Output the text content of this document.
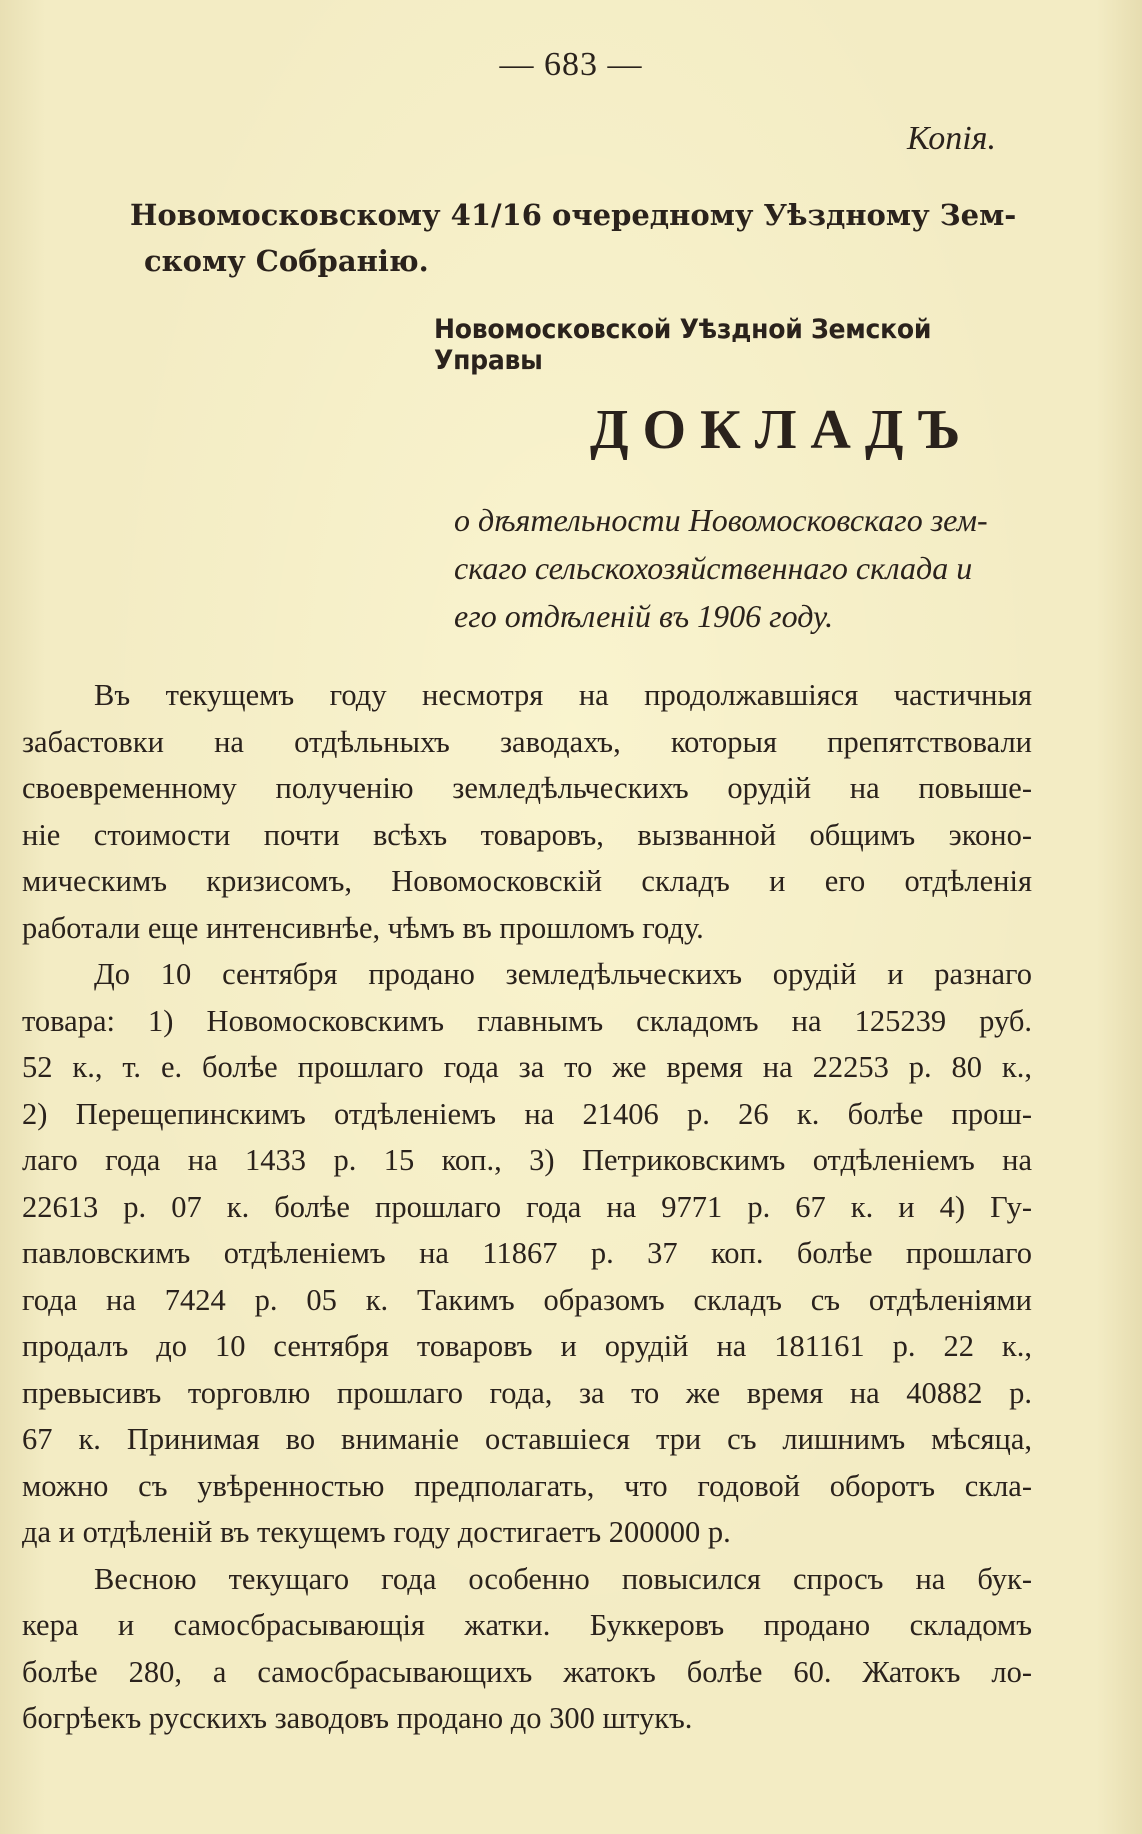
— 683 —
Копія.
Новомосковскому 41/16 очередному Уѣздному Зем-
скому Собранію.
Новомосковской Уѣздной Земской Управы
ДОКЛАДЪ
о дѣятельности Новомосковскаго зем-
скаго сельскохозяйственнаго склада и
его отдѣленій въ 1906 году.

Въ текущемъ году несмотря на продолжавшіяся частичныя
забастовки на отдѣльныхъ заводахъ, которыя препятствовали
своевременному полученію земледѣльческихъ орудій на повыше-
ніе стоимости почти всѣхъ товаровъ, вызванной общимъ эконо-
мическимъ кризисомъ, Новомосковскій складъ и его отдѣленія
работали еще интенсивнѣе, чѣмъ въ прошломъ году.

До 10 сентября продано земледѣльческихъ орудій и разнаго
товара: 1) Новомосковскимъ главнымъ складомъ на 125239 руб.
52 к., т. е. болѣе прошлаго года за то же время на 22253 р. 80 к.,
2) Перещепинскимъ отдѣленіемъ на 21406 р. 26 к. болѣе прош-
лаго года на 1433 р. 15 коп., 3) Петриковскимъ отдѣленіемъ на
22613 р. 07 к. болѣе прошлаго года на 9771 р. 67 к. и 4) Гу-
павловскимъ отдѣленіемъ на 11867 р. 37 коп. болѣе прошлаго
года на 7424 р. 05 к. Такимъ образомъ складъ съ отдѣленіями
продалъ до 10 сентября товаровъ и орудій на 181161 р. 22 к.,
превысивъ торговлю прошлаго года, за то же время на 40882 р.
67 к. Принимая во вниманіе оставшіеся три съ лишнимъ мѣсяца,
можно съ увѣренностью предполагать, что годовой оборотъ скла-
да и отдѣленій въ текущемъ году достигаетъ 200000 р.

Весною текущаго года особенно повысился спросъ на бук-
кера и самосбрасывающія жатки. Буккеровъ продано складомъ
болѣе 280, а самосбрасывающихъ жатокъ болѣе 60. Жатокъ ло-
богрѣекъ русскихъ заводовъ продано до 300 штукъ.
